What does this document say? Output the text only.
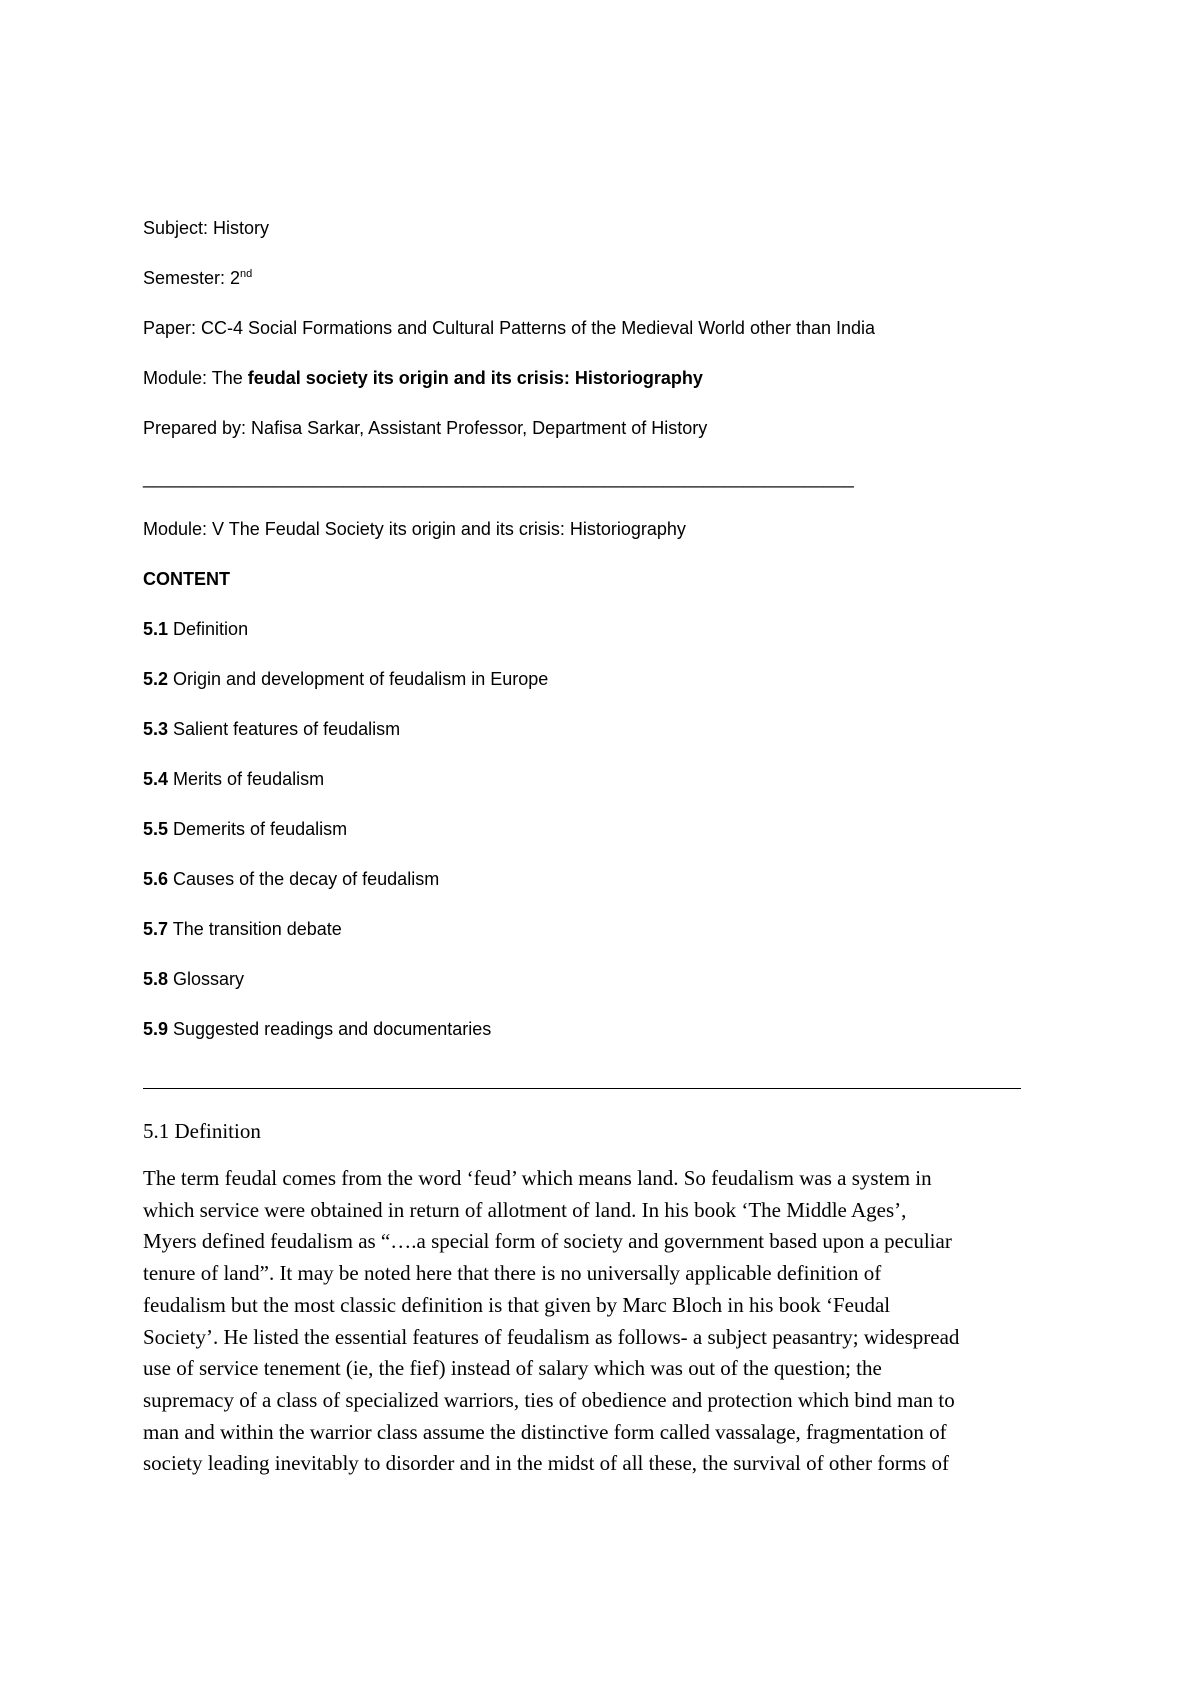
Subject: History
Semester: 2nd
Paper: CC-4 Social Formations and Cultural Patterns of the Medieval World other than India
Module: The feudal society its origin and its crisis: Historiography
Prepared by: Nafisa Sarkar, Assistant Professor, Department of History
_______________________________________________________________________
Module: V The Feudal Society its origin and its crisis: Historiography
CONTENT
5.1 Definition
5.2 Origin and development of feudalism in Europe
5.3 Salient features of feudalism
5.4 Merits of feudalism
5.5 Demerits of feudalism
5.6 Causes of the decay of feudalism
5.7 The transition debate
5.8 Glossary
5.9 Suggested readings and documentaries
5.1 Definition
The term feudal comes from the word ‘feud’ which means land. So feudalism was a system in
which service were obtained in return of allotment of land. In his book ‘The Middle Ages’,
Myers defined feudalism as “….a special form of society and government based upon a peculiar
tenure of land”. It may be noted here that there is no universally applicable definition of
feudalism but the most classic definition is that given by Marc Bloch in his book ‘Feudal
Society’. He listed the essential features of feudalism as follows- a subject peasantry; widespread
use of service tenement (ie, the fief) instead of salary which was out of the question; the
supremacy of a class of specialized warriors, ties of obedience and protection which bind man to
man and within the warrior class assume the distinctive form called vassalage, fragmentation of
society leading inevitably to disorder and in the midst of all these, the survival of other forms of
